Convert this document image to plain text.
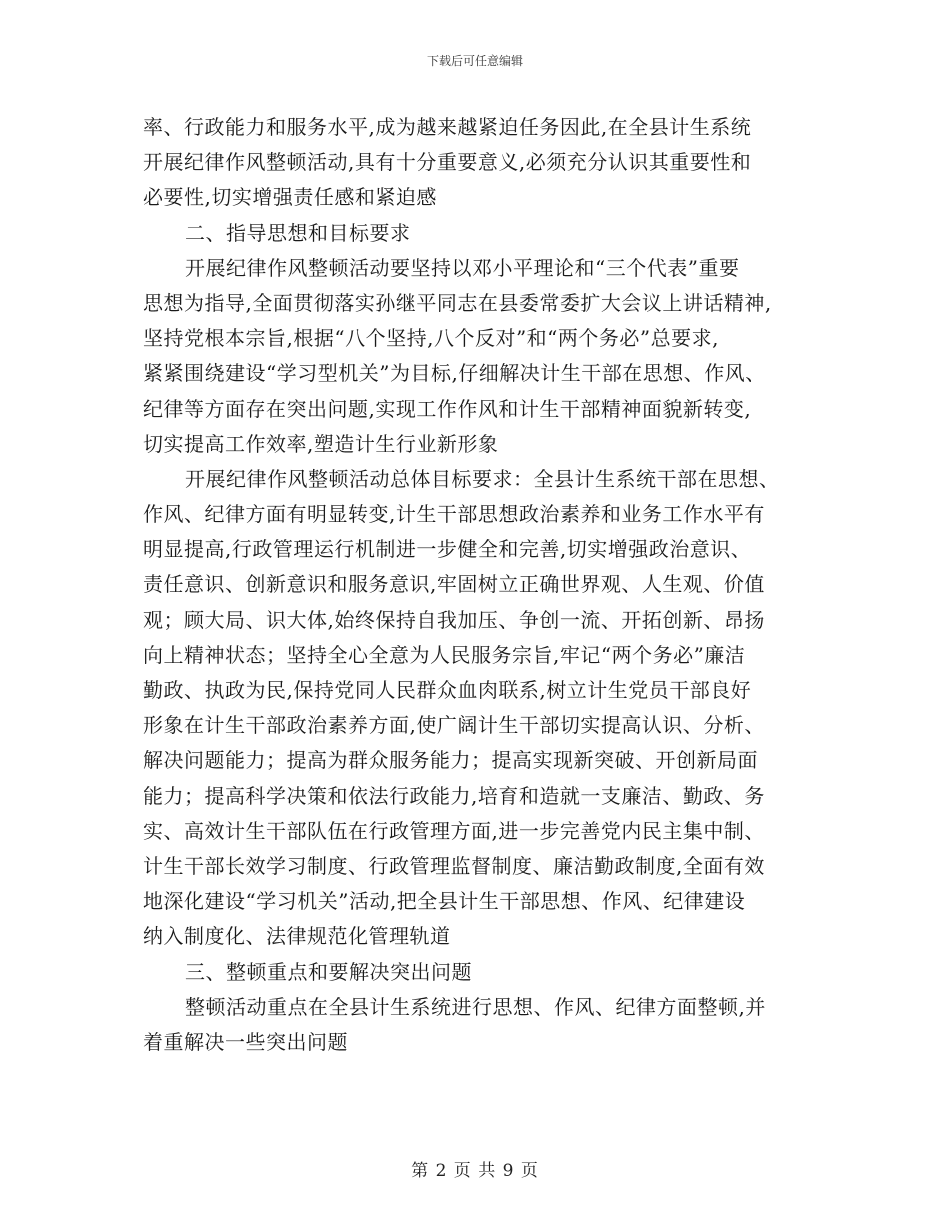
下载后可任意编辑
率、行政能力和服务水平,成为越来越紧迫任务因此,在全县计生系统
开展纪律作风整顿活动,具有十分重要意义,必须充分认识其重要性和
必要性,切实增强责任感和紧迫感
二、指导思想和目标要求
开展纪律作风整顿活动要坚持以邓小平理论和“三个代表”重要
思想为指导,全面贯彻落实孙继平同志在县委常委扩大会议上讲话精神,
坚持党根本宗旨,根据“八个坚持,八个反对”和“两个务必”总要求,
紧紧围绕建设“学习型机关”为目标,仔细解决计生干部在思想、作风、
纪律等方面存在突出问题,实现工作作风和计生干部精神面貌新转变,
切实提高工作效率,塑造计生行业新形象
开展纪律作风整顿活动总体目标要求：全县计生系统干部在思想、
作风、纪律方面有明显转变,计生干部思想政治素养和业务工作水平有
明显提高,行政管理运行机制进一步健全和完善,切实增强政治意识、
责任意识、创新意识和服务意识,牢固树立正确世界观、人生观、价值
观；顾大局、识大体,始终保持自我加压、争创一流、开拓创新、昂扬
向上精神状态；坚持全心全意为人民服务宗旨,牢记“两个务必”廉洁
勤政、执政为民,保持党同人民群众血肉联系,树立计生党员干部良好
形象在计生干部政治素养方面,使广阔计生干部切实提高认识、分析、
解决问题能力；提高为群众服务能力；提高实现新突破、开创新局面
能力；提高科学决策和依法行政能力,培育和造就一支廉洁、勤政、务
实、高效计生干部队伍在行政管理方面,进一步完善党内民主集中制、
计生干部长效学习制度、行政管理监督制度、廉洁勤政制度,全面有效
地深化建设“学习机关”活动,把全县计生干部思想、作风、纪律建设
纳入制度化、法律规范化管理轨道
三、整顿重点和要解决突出问题
整顿活动重点在全县计生系统进行思想、作风、纪律方面整顿,并
着重解决一些突出问题
第 2 页 共 9 页
